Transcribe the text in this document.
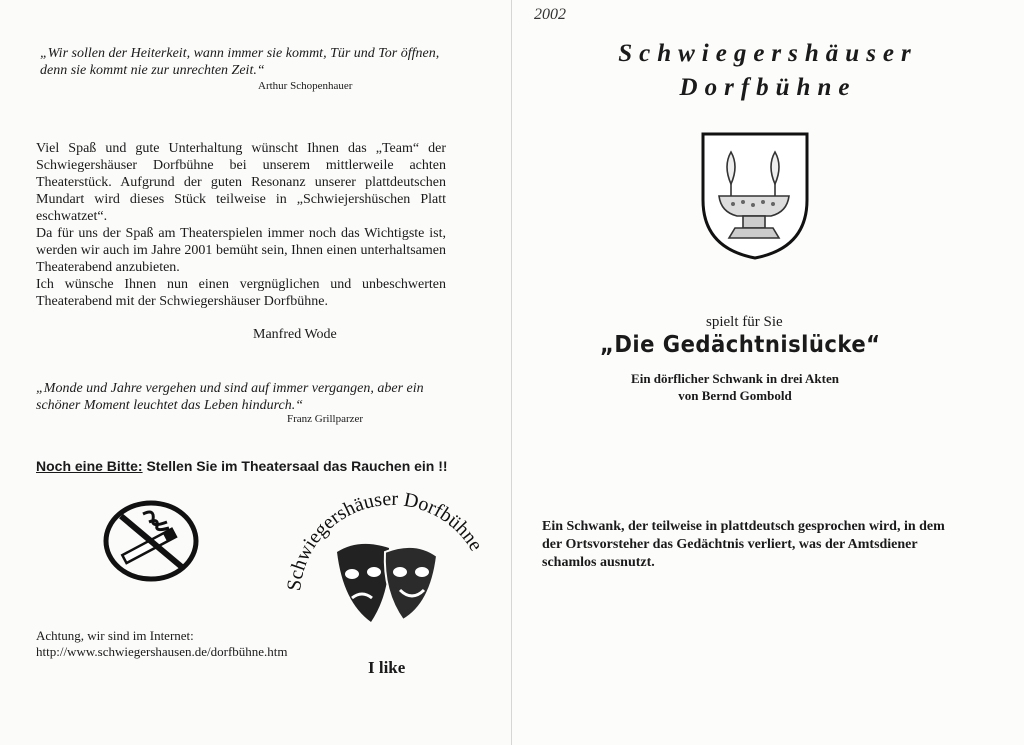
„Wir sollen der Heiterkeit, wann immer sie kommt, Tür und Tor öffnen, denn sie kommt nie zur unrechten Zeit.“
Arthur Schopenhauer

Viel Spaß und gute Unterhaltung wünscht Ihnen das „Team“ der Schwiegershäuser Dorfbühne bei unserem mittlerweile achten Theaterstück. Aufgrund der guten Resonanz unserer plattdeutschen Mundart wird dieses Stück teilweise in „Schwiejershüschen Platt eschwatzet“.

Da für uns der Spaß am Theaterspielen immer noch das Wichtigste ist, werden wir auch im Jahre 2001 bemüht sein, Ihnen einen unterhaltsamen Theaterabend anzubieten.

Ich wünsche Ihnen nun einen vergnüglichen und unbeschwerten Theaterabend mit der Schwiegershäuser Dorfbühne.

Manfred Wode
„Monde und Jahre vergehen und sind auf immer vergangen, aber ein schöner Moment leuchtet das Leben hindurch.“
Franz Grillparzer
Noch eine Bitte: Stellen Sie im Theatersaal das Rauchen ein !!
Schwiegershäuser Dorfbühne
Achtung, wir sind im Internet:
http://www.schwiegershausen.de/dorfbühne.htm
I like
Schwiegershäuser
Dorfbühne
spielt für Sie
„Die Gedächtnislücke“
Ein dörflicher Schwank in drei Akten
von Bernd Gombold
Ein Schwank, der teilweise in plattdeutsch gesprochen wird, in dem der Ortsvorsteher das Gedächtnis verliert, was der Amtsdiener schamlos ausnutzt.
2002
